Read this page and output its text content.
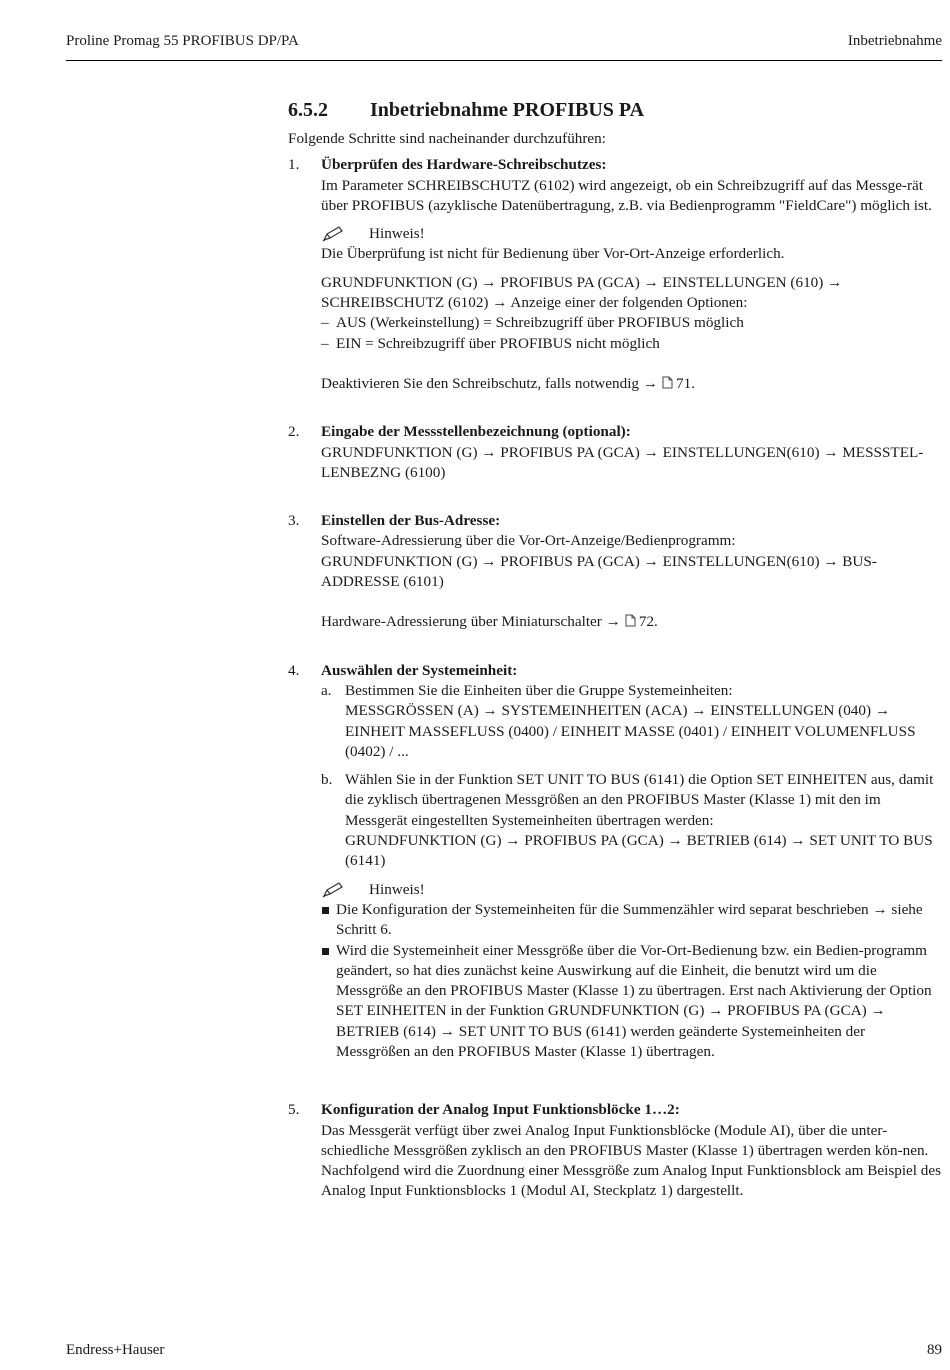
Proline Promag 55 PROFIBUS DP/PA	Inbetriebnahme
6.5.2	Inbetriebnahme PROFIBUS PA
Folgende Schritte sind nacheinander durchzuführen:
1.	Überprüfen des Hardware-Schreibschutzes:
Im Parameter SCHREIBSCHUTZ (6102) wird angezeigt, ob ein Schreibzugriff auf das Messge-rät über PROFIBUS (azyklische Datenübertragung, z.B. via Bedienprogramm "FieldCare") möglich ist.
Hinweis!
Die Überprüfung ist nicht für Bedienung über Vor-Ort-Anzeige erforderlich.
GRUNDFUNKTION (G) → PROFIBUS PA (GCA) → EINSTELLUNGEN (610) → SCHREIBSCHUTZ (6102) → Anzeige einer der folgenden Optionen:
– AUS (Werkeinstellung) = Schreibzugriff über PROFIBUS möglich
– EIN = Schreibzugriff über PROFIBUS nicht möglich
Deaktivieren Sie den Schreibschutz, falls notwendig → 71.
2.	Eingabe der Messstellenbezeichnung (optional):
GRUNDFUNKTION (G) → PROFIBUS PA (GCA) → EINSTELLUNGEN(610) → MESSSTEL-LENBEZNG (6100)
3.	Einstellen der Bus-Adresse:
Software-Adressierung über die Vor-Ort-Anzeige/Bedienprogramm:
GRUNDFUNKTION (G) → PROFIBUS PA (GCA) → EINSTELLUNGEN(610) → BUS-ADDRESSE (6101)
Hardware-Adressierung über Miniaturschalter → 72.
4.	Auswählen der Systemeinheit:
a. Bestimmen Sie die Einheiten über die Gruppe Systemeinheiten:
MESSGRÖSSEN (A) → SYSTEMEINHEITEN (ACA) → EINSTELLUNGEN (040) → EINHEIT MASSEFLUSS (0400) / EINHEIT MASSE (0401) / EINHEIT VOLUMENFLUSS (0402) / ...
b. Wählen Sie in der Funktion SET UNIT TO BUS (6141) die Option SET EINHEITEN aus, damit die zyklisch übertragenen Messgrößen an den PROFIBUS Master (Klasse 1) mit den im Messgerät eingestellten Systemeinheiten übertragen werden:
GRUNDFUNKTION (G) → PROFIBUS PA (GCA) → BETRIEB (614) → SET UNIT TO BUS (6141)
Hinweis!
Die Konfiguration der Systemeinheiten für die Summenzähler wird separat beschrieben → siehe Schritt 6.
Wird die Systemeinheit einer Messgröße über die Vor-Ort-Bedienung bzw. ein Bedien-programm geändert, so hat dies zunächst keine Auswirkung auf die Einheit, die benutzt wird um die Messgröße an den PROFIBUS Master (Klasse 1) zu übertragen. Erst nach Aktivierung der Option SET EINHEITEN in der Funktion GRUNDFUNKTION (G) → PROFIBUS PA (GCA) → BETRIEB (614) → SET UNIT TO BUS (6141) werden geänderte Systemeinheiten der Messgrößen an den PROFIBUS Master (Klasse 1) übertragen.
5.	Konfiguration der Analog Input Funktionsblöcke 1…2:
Das Messgerät verfügt über zwei Analog Input Funktionsblöcke (Module AI), über die unter-schiedliche Messgrößen zyklisch an den PROFIBUS Master (Klasse 1) übertragen werden kön-nen. Nachfolgend wird die Zuordnung einer Messgröße zum Analog Input Funktionsblock am Beispiel des Analog Input Funktionsblocks 1 (Modul AI, Steckplatz 1) dargestellt.
Endress+Hauser	89
